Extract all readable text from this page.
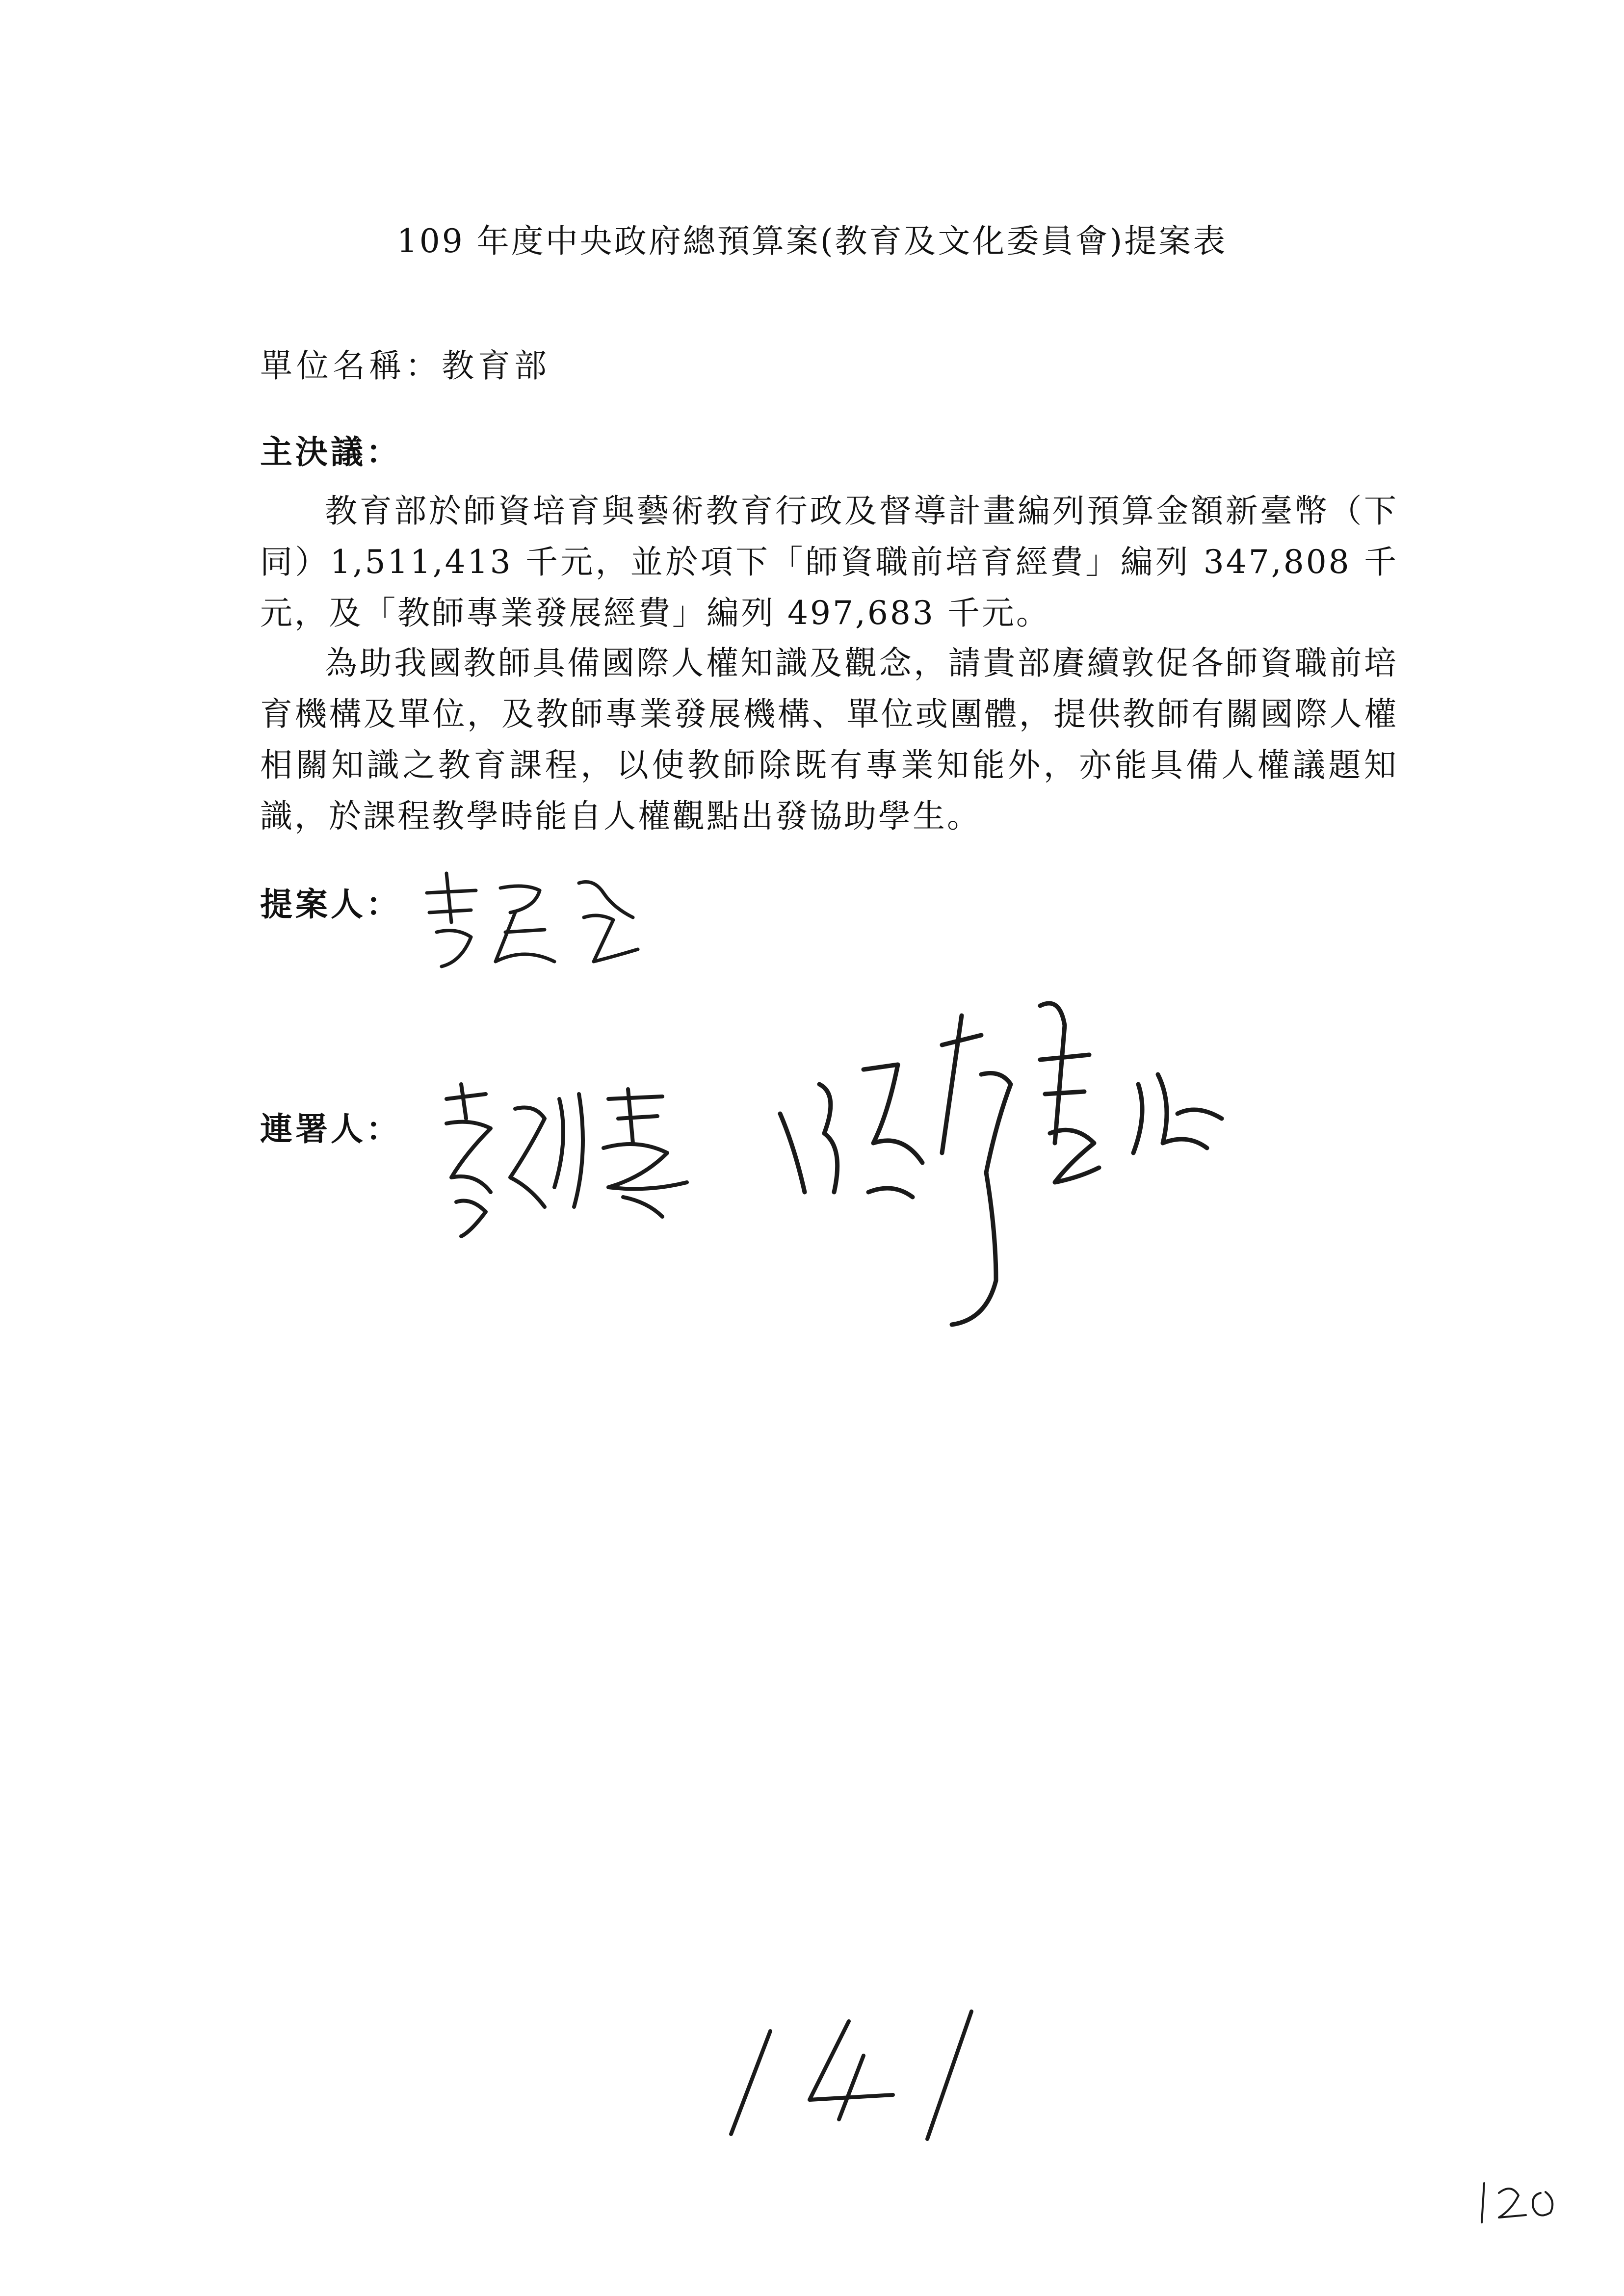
109 年度中央政府總預算案(教育及文化委員會)提案表
單位名稱：教育部
主決議：
教育部於師資培育與藝術教育行政及督導計畫編列預算金額新臺幣（下同）1,511,413 千元，並於項下「師資職前培育經費」編列 347,808 千元，及「教師專業發展經費」編列 497,683 千元。
為助我國教師具備國際人權知識及觀念，請貴部賡續敦促各師資職前培育機構及單位，及教師專業發展機構、單位或團體，提供教師有關國際人權相關知識之教育課程，以使教師除既有專業知能外，亦能具備人權議題知識，於課程教學時能自人權觀點出發協助學生。
提案人：
連署人：
